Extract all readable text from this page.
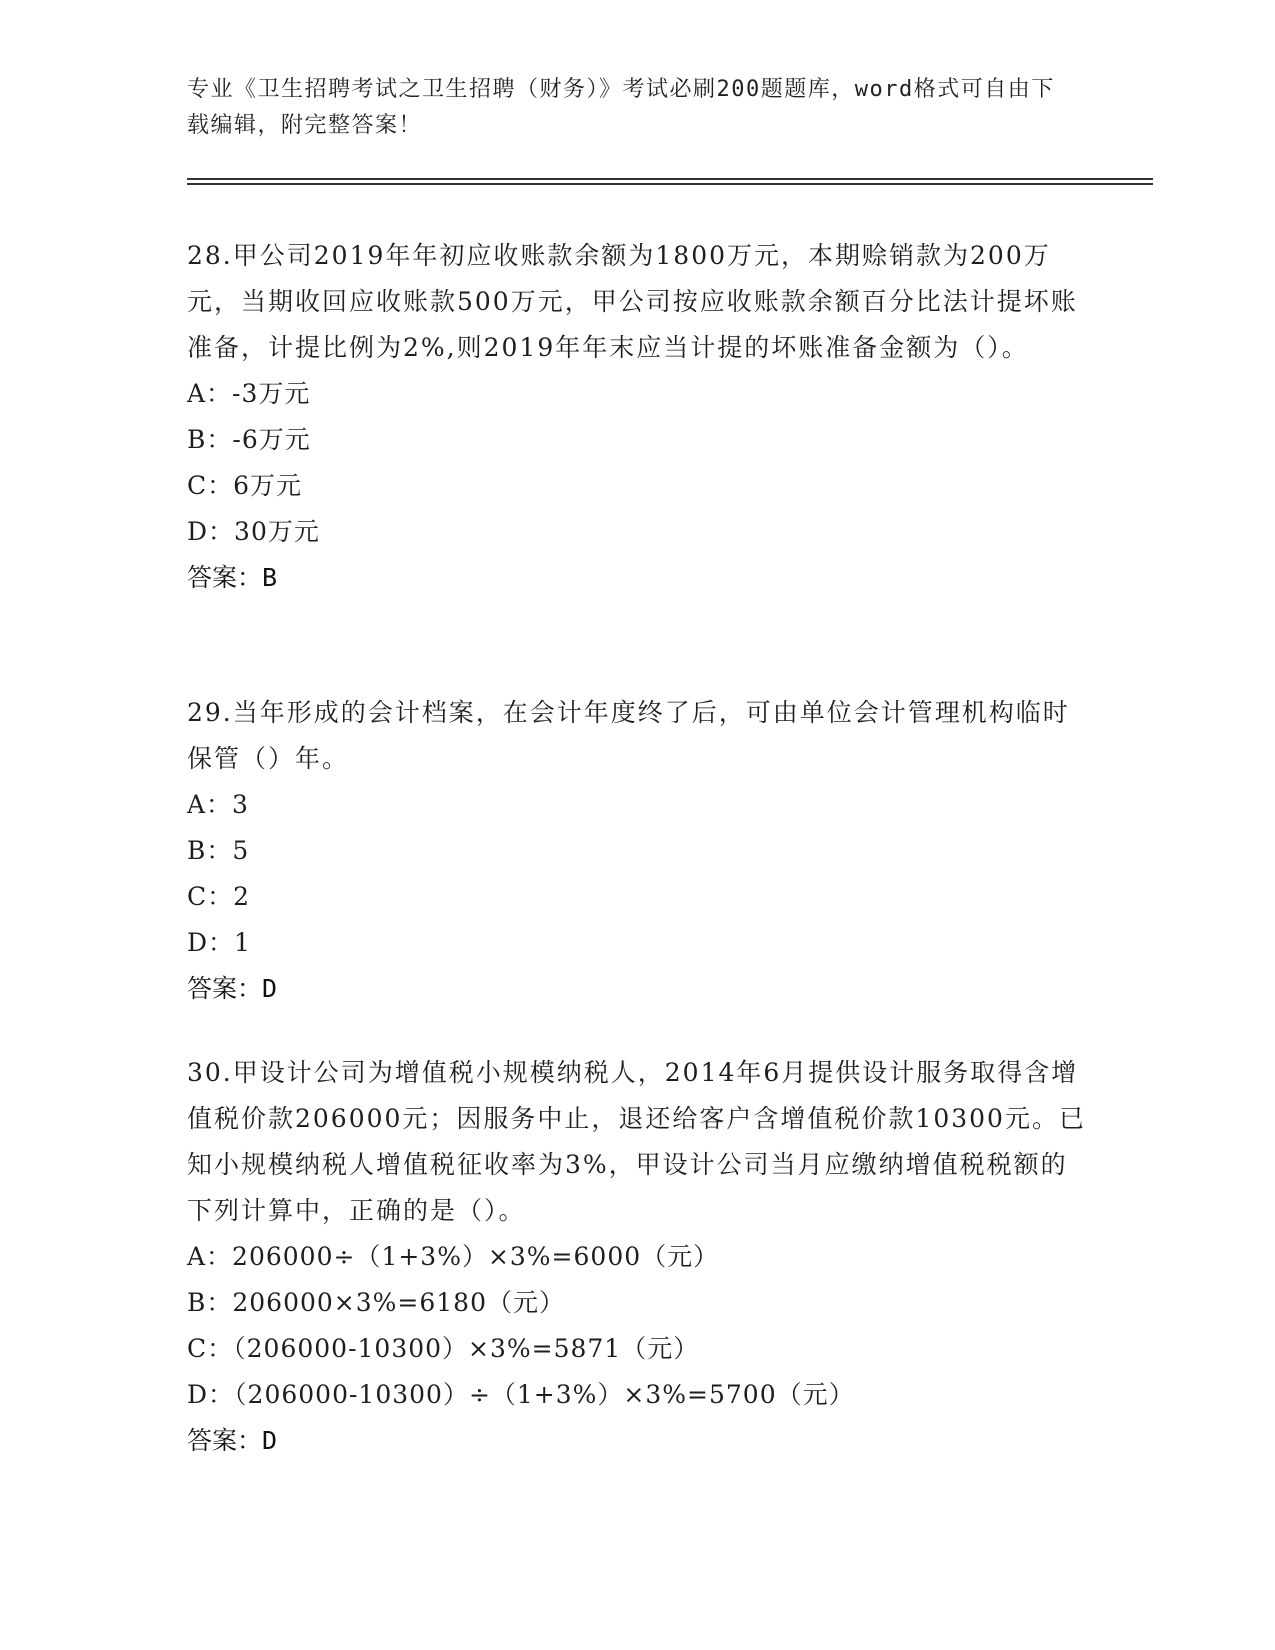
专业《卫生招聘考试之卫生招聘（财务）》考试必刷200题题库，word格式可自由下载编辑，附完整答案！
28.甲公司2019年年初应收账款余额为1800万元，本期赊销款为200万元，当期收回应收账款500万元，甲公司按应收账款余额百分比法计提坏账准备，计提比例为2%,则2019年年末应当计提的坏账准备金额为（）。
A：-3万元
B：-6万元
C：6万元
D：30万元
答案：B
29.当年形成的会计档案，在会计年度终了后，可由单位会计管理机构临时保管（）年。
A：3
B：5
C：2
D：1
答案：D
30.甲设计公司为增值税小规模纳税人，2014年6月提供设计服务取得含增值税价款206000元；因服务中止，退还给客户含增值税价款10300元。已知小规模纳税人增值税征收率为3%，甲设计公司当月应缴纳增值税税额的下列计算中，正确的是（）。
A：206000÷（1+3%）×3%=6000（元）
B：206000×3%=6180（元）
C：（206000-10300）×3%=5871（元）
D：（206000-10300）÷（1+3%）×3%=5700（元）
答案：D
